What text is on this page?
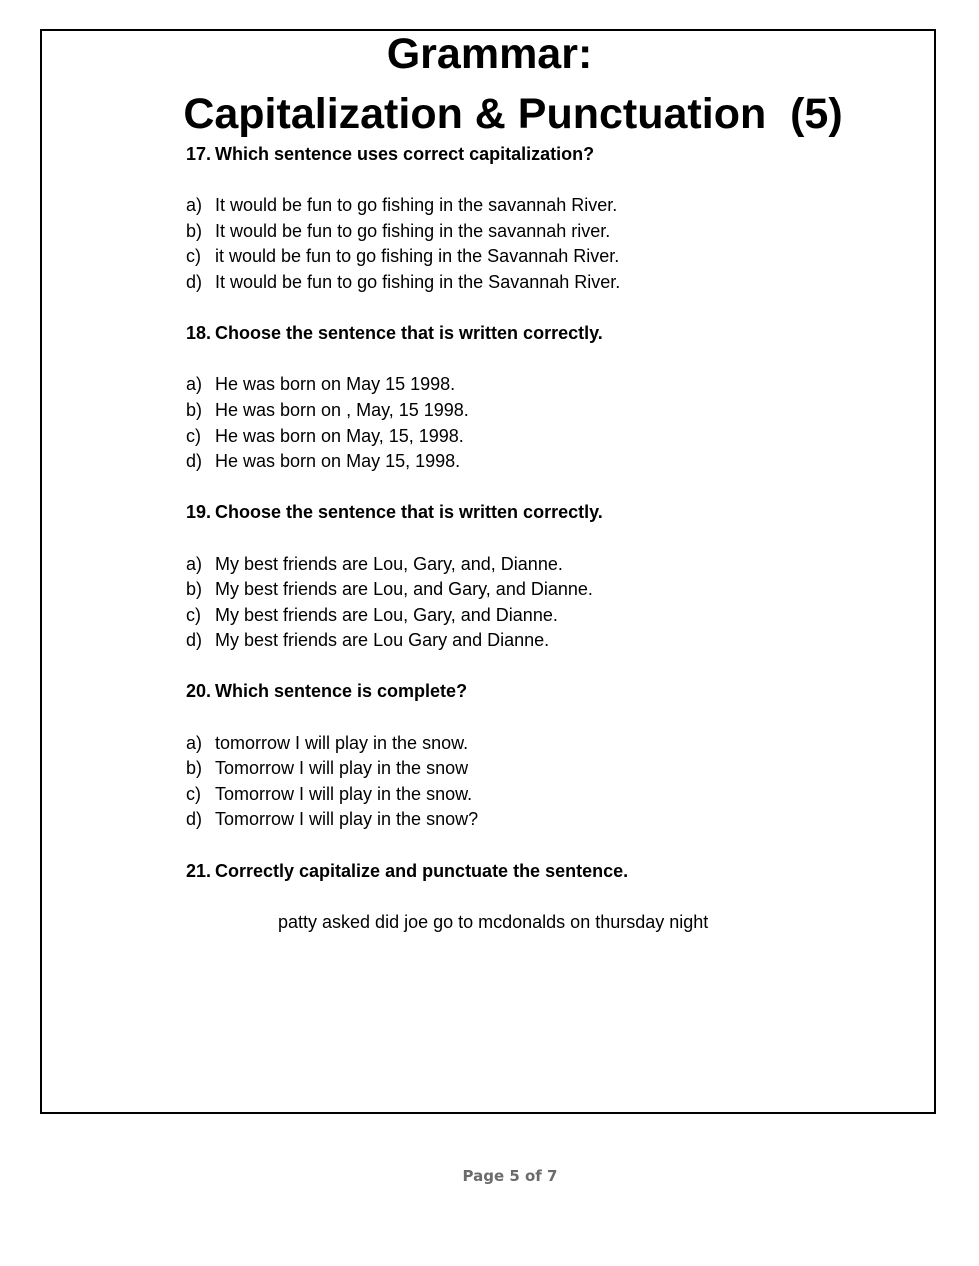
Grammar:
Capitalization & Punctuation  (5)
17. Which sentence uses correct capitalization?
a) It would be fun to go fishing in the savannah River.
b) It would be fun to go fishing in the savannah river.
c) it would be fun to go fishing in the Savannah River.
d) It would be fun to go fishing in the Savannah River.
18. Choose the sentence that is written correctly.
a) He was born on May 15 1998.
b) He was born on , May, 15 1998.
c) He was born on May, 15, 1998.
d) He was born on May 15, 1998.
19. Choose the sentence that is written correctly.
a) My best friends are Lou, Gary, and, Dianne.
b) My best friends are Lou, and Gary, and Dianne.
c) My best friends are Lou, Gary, and Dianne.
d) My best friends are Lou Gary and Dianne.
20. Which sentence is complete?
a) tomorrow I will play in the snow.
b) Tomorrow I will play in the snow
c) Tomorrow I will play in the snow.
d) Tomorrow I will play in the snow?
21. Correctly capitalize and punctuate the sentence.
patty asked did joe go to mcdonalds on thursday night
Page 5 of 7
